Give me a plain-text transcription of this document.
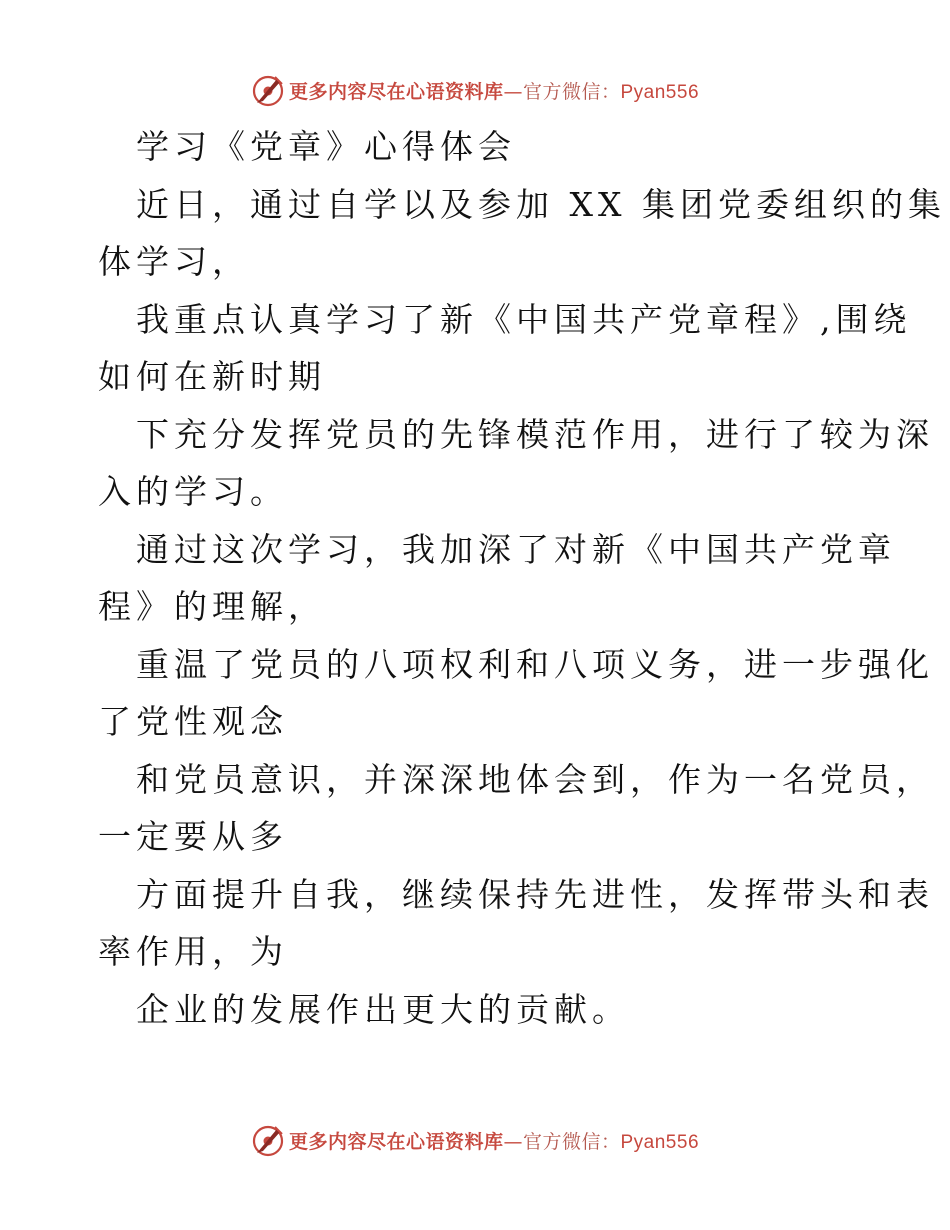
更多内容尽在心语资料库—官方微信：Pyan556
学习《党章》心得体会
近日，通过自学以及参加 XX 集团党委组织的集
体学习，
我重点认真学习了新《中国共产党章程》,围绕
如何在新时期
下充分发挥党员的先锋模范作用，进行了较为深
入的学习。
通过这次学习，我加深了对新《中国共产党章
程》的理解，
重温了党员的八项权利和八项义务，进一步强化
了党性观念
和党员意识，并深深地体会到，作为一名党员，
一定要从多
方面提升自我，继续保持先进性，发挥带头和表
率作用，为
企业的发展作出更大的贡献。
更多内容尽在心语资料库—官方微信：Pyan556
